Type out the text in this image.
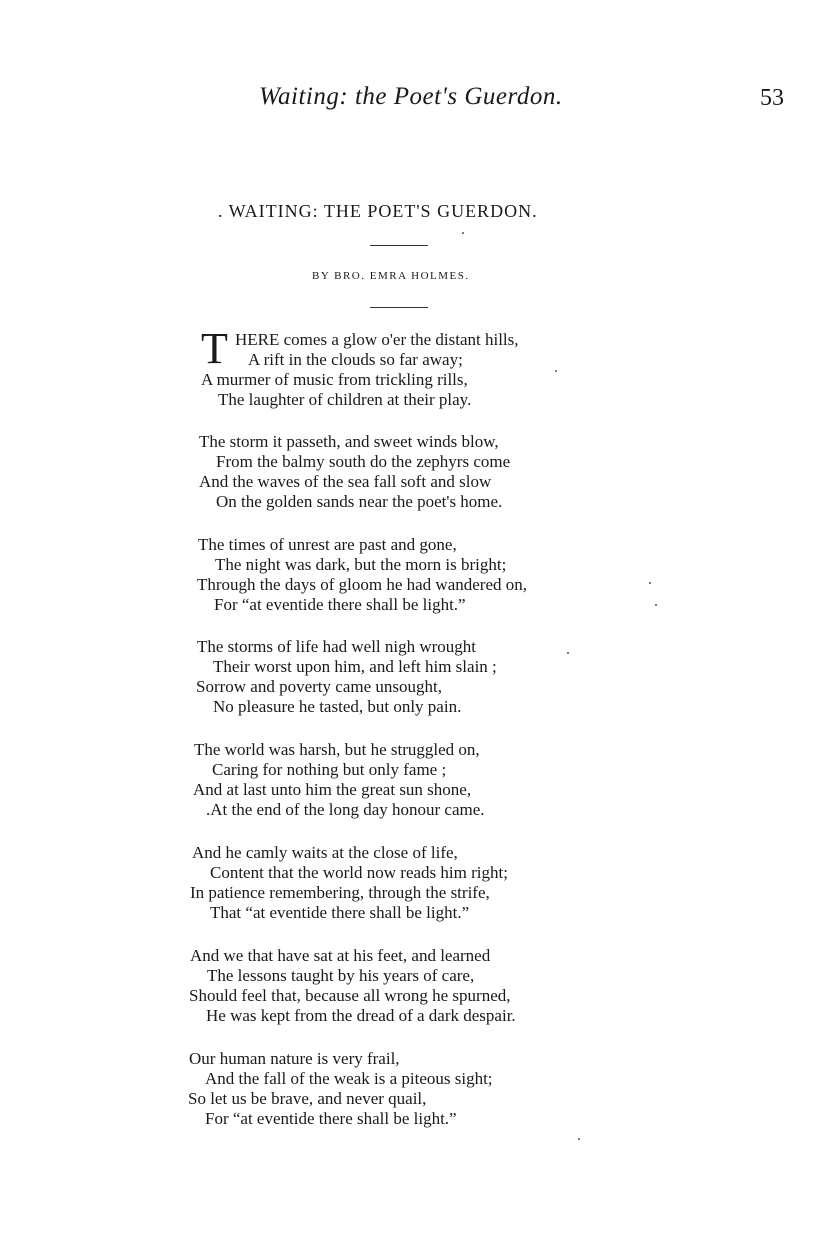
Waiting: the Poet's Guerdon.	53
. WAITING: THE POET'S GUERDON.
BY BRO. EMRA HOLMES.
T HERE comes a glow o'er the distant hills,
A rift in the clouds so far away;
A murmer of music from trickling rills,
The laughter of children at their play.
The storm it passeth, and sweet winds blow,
From the balmy south do the zephyrs come
And the waves of the sea fall soft and slow
On the golden sands near the poet's home.
The times of unrest are past and gone,
The night was dark, but the morn is bright;
Through the days of gloom he had wandered on,
For “at eventide there shall be light.”
The storms of life had well nigh wrought
Their worst upon him, and left him slain ;
Sorrow and poverty came unsought,
No pleasure he tasted, but only pain.
The world was harsh, but he struggled on,
Caring for nothing but only fame ;
And at last unto him the great sun shone,
.At the end of the long day honour came.
And he camly waits at the close of life,
Content that the world now reads him right;
In patience remembering, through the strife,
That “at eventide there shall be light.”
And we that have sat at his feet, and learned
The lessons taught by his years of care,
Should feel that, because all wrong he spurned,
He was kept from the dread of a dark despair.
Our human nature is very frail,
And the fall of the weak is a piteous sight;
So let us be brave, and never quail,
For “at eventide there shall be light.”
